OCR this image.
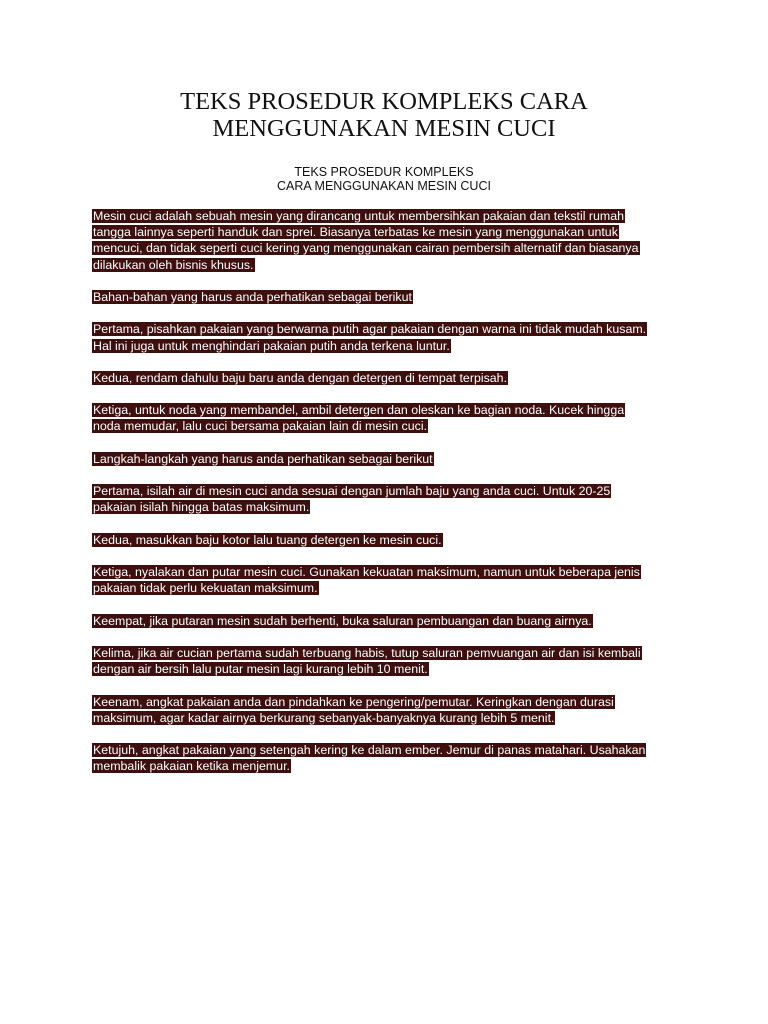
TEKS PROSEDUR KOMPLEKS CARA
MENGGUNAKAN MESIN CUCI
TEKS PROSEDUR KOMPLEKS
CARA MENGGUNAKAN MESIN CUCI
Mesin cuci adalah sebuah mesin yang dirancang untuk membersihkan pakaian dan tekstil rumah
tangga lainnya seperti handuk dan sprei. Biasanya terbatas ke mesin yang menggunakan untuk
mencuci, dan tidak seperti cuci kering yang menggunakan cairan pembersih alternatif dan biasanya
dilakukan oleh bisnis khusus.
Bahan-bahan yang harus anda perhatikan sebagai berikut
Pertama, pisahkan pakaian yang berwarna putih agar pakaian dengan warna ini tidak mudah kusam.
Hal ini juga untuk menghindari pakaian putih anda terkena luntur.
Kedua, rendam dahulu baju baru anda dengan detergen di tempat terpisah.
Ketiga, untuk noda yang membandel, ambil detergen dan oleskan ke bagian noda. Kucek hingga
noda memudar, lalu cuci bersama pakaian lain di mesin cuci.
Langkah-langkah yang harus anda perhatikan sebagai berikut
Pertama, isilah air di mesin cuci anda sesuai dengan jumlah baju yang anda cuci. Untuk 20-25
pakaian isilah hingga batas maksimum.
Kedua, masukkan baju kotor lalu tuang detergen ke mesin cuci.
Ketiga, nyalakan dan putar mesin cuci. Gunakan kekuatan maksimum, namun untuk beberapa jenis
pakaian tidak perlu kekuatan maksimum.
Keempat, jika putaran mesin sudah berhenti, buka saluran pembuangan dan buang airnya.
Kelima, jika air cucian pertama sudah terbuang habis, tutup saluran pemvuangan air dan isi kembali
dengan air bersih lalu putar mesin lagi kurang lebih 10 menit.
Keenam, angkat pakaian anda dan pindahkan ke pengering/pemutar. Keringkan dengan durasi
maksimum, agar kadar airnya berkurang sebanyak-banyaknya kurang lebih 5 menit.
Ketujuh, angkat pakaian yang setengah kering ke dalam ember. Jemur di panas matahari. Usahakan
membalik pakaian ketika menjemur.
